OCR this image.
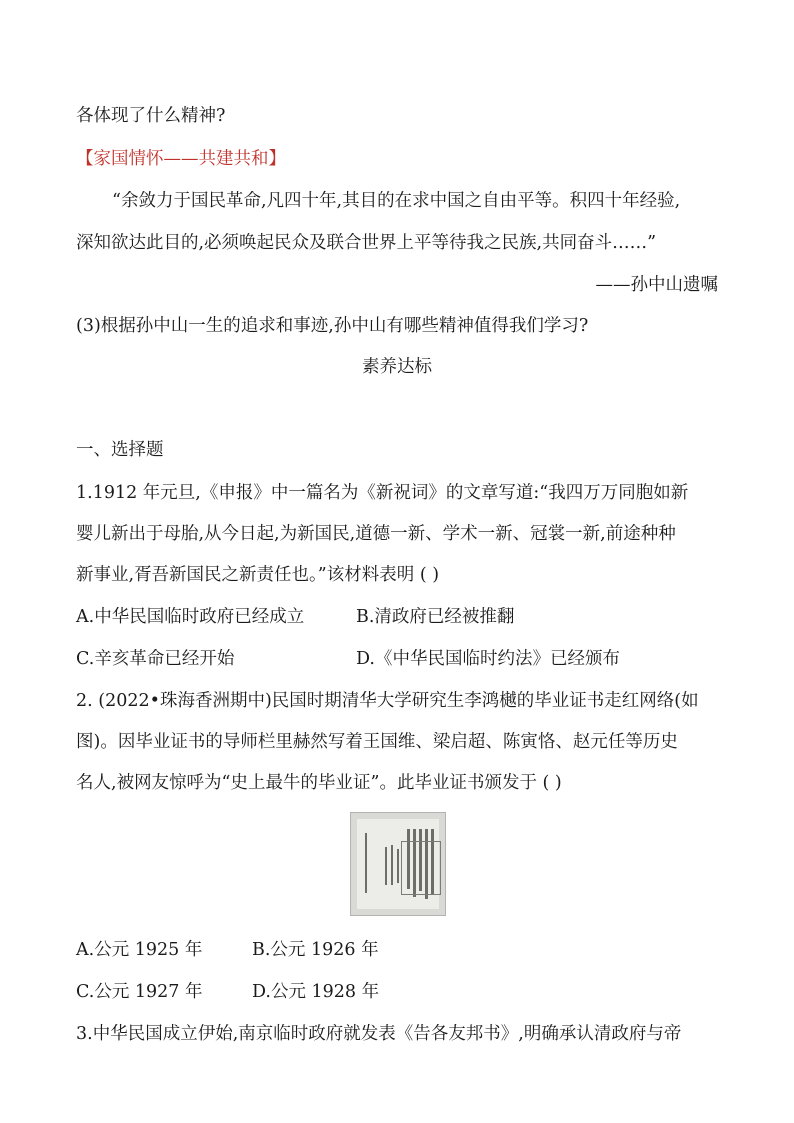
各体现了什么精神?
【家国情怀——共建共和】
“余敛力于国民革命,凡四十年,其目的在求中国之自由平等。积四十年经验,
深知欲达此目的,必须唤起民众及联合世界上平等待我之民族,共同奋斗……”
——孙中山遗嘱
(3)根据孙中山一生的追求和事迹,孙中山有哪些精神值得我们学习?
素养达标
一、选择题
1.1912 年元旦,《申报》中一篇名为《新祝词》的文章写道:“我四万万同胞如新
婴儿新出于母胎,从今日起,为新国民,道德一新、学术一新、冠裳一新,前途种种
新事业,胥吾新国民之新责任也。”该材料表明 ( )
A.中华民国临时政府已经成立	B.清政府已经被推翻
C.辛亥革命已经开始	D.《中华民国临时约法》已经颁布
2. (2022•珠海香洲期中)民国时期清华大学研究生李鸿樾的毕业证书走红网络(如
图)。因毕业证书的导师栏里赫然写着王国维、梁启超、陈寅恪、赵元任等历史
名人,被网友惊呼为“史上最牛的毕业证”。此毕业证书颁发于 ( )
A.公元 1925 年	B.公元 1926 年
C.公元 1927 年	D.公元 1928 年
3.中华民国成立伊始,南京临时政府就发表《告各友邦书》,明确承认清政府与帝
